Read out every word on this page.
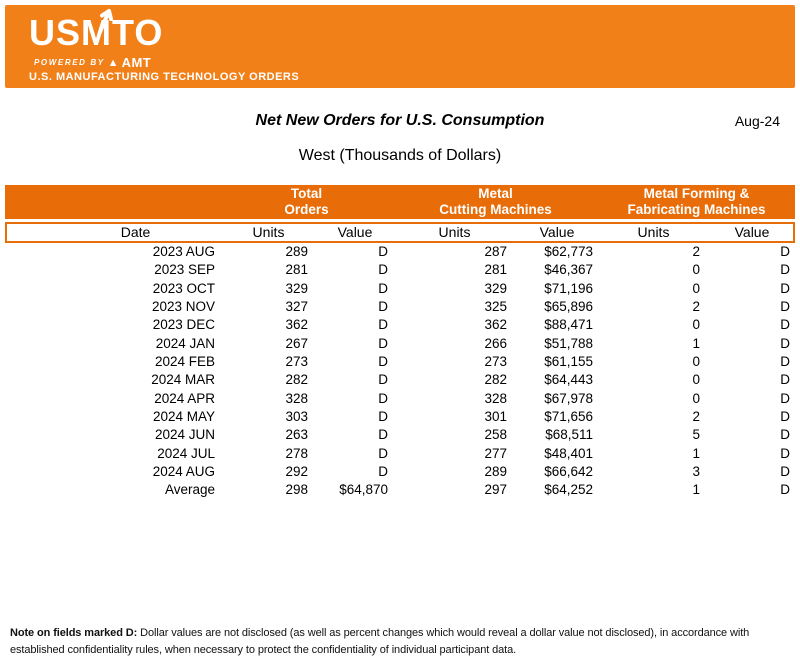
USMTO
POWERED BY ▲ AMT
U.S. MANUFACTURING TECHNOLOGY ORDERS
Net New Orders for U.S. Consumption	Aug-24
West (Thousands of Dollars)
Total
Orders
Metal
Cutting Machines
Metal Forming &
Fabricating Machines
Date	Units	Value	Units	Value	Units	Value
2023 AUG	289	D	287	$62,773	2	D
2023 SEP	281	D	281	$46,367	0	D
2023 OCT	329	D	329	$71,196	0	D
2023 NOV	327	D	325	$65,896	2	D
2023 DEC	362	D	362	$88,471	0	D
2024 JAN	267	D	266	$51,788	1	D
2024 FEB	273	D	273	$61,155	0	D
2024 MAR	282	D	282	$64,443	0	D
2024 APR	328	D	328	$67,978	0	D
2024 MAY	303	D	301	$71,656	2	D
2024 JUN	263	D	258	$68,511	5	D
2024 JUL	278	D	277	$48,401	1	D
2024 AUG	292	D	289	$66,642	3	D
Average	298	$64,870	297	$64,252	1	D
Note on fields marked D: Dollar values are not disclosed (as well as percent changes which would reveal a dollar value not disclosed), in accordance with
established confidentiality rules, when necessary to protect the confidentiality of individual participant data.
